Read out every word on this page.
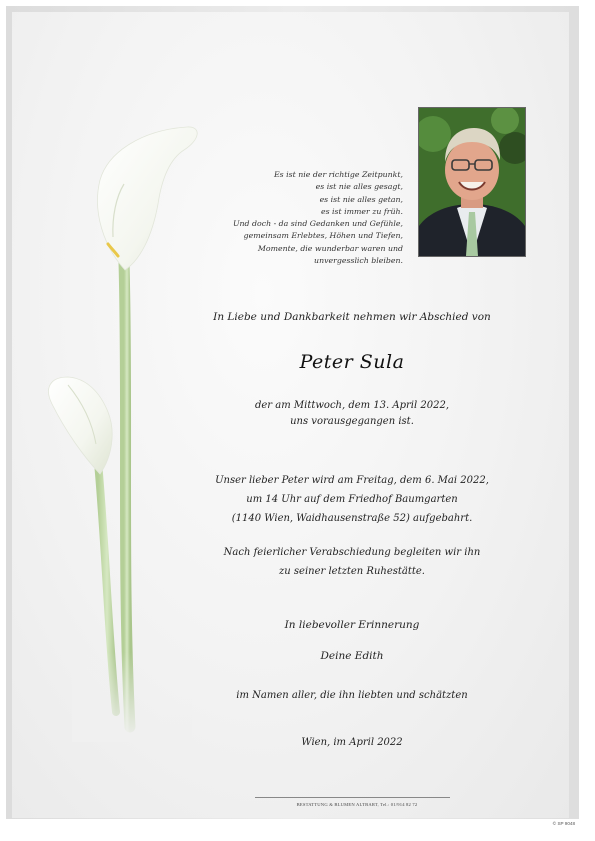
Es ist nie der richtige Zeitpunkt,
es ist nie alles gesagt,
es ist nie alles getan,
es ist immer zu früh.
Und doch - da sind Gedanken und Gefühle,
gemeinsam Erlebtes, Höhen und Tiefen,
Momente, die wunderbar waren und
unvergesslich bleiben.
In Liebe und Dankbarkeit nehmen wir Abschied von
Peter Sula
der am Mittwoch, dem 13. April 2022,
uns vorausgegangen ist.
Unser lieber Peter wird am Freitag, dem 6. Mai 2022,
um 14 Uhr auf dem Friedhof Baumgarten
(1140 Wien, Waidhausenstraße 52) aufgebahrt.
Nach feierlicher Verabschiedung begleiten wir ihn
zu seiner letzten Ruhestätte.
In liebevoller Erinnerung
Deine Edith
im Namen aller, die ihn liebten und schätzten
Wien, im April 2022
BESTATTUNG & BLUMEN ALTBART, Tel.: 01/914 82 72
© SP 9048
